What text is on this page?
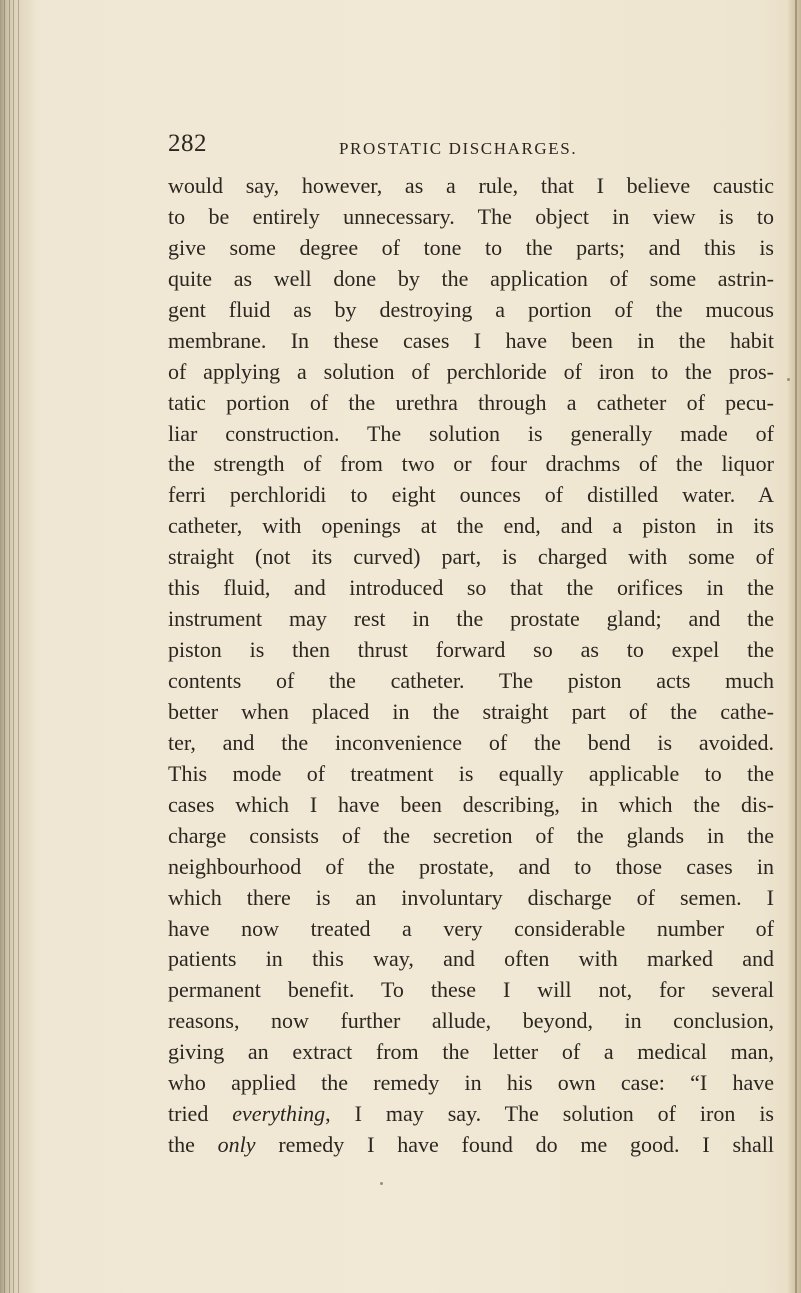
282	PROSTATIC DISCHARGES.
would say, however, as a rule, that I believe caustic
to be entirely unnecessary. The object in view is to
give some degree of tone to the parts; and this is
quite as well done by the application of some astrin-
gent fluid as by destroying a portion of the mucous
membrane. In these cases I have been in the habit
of applying a solution of perchloride of iron to the pros-
tatic portion of the urethra through a catheter of pecu-
liar construction. The solution is generally made of
the strength of from two or four drachms of the liquor
ferri perchloridi to eight ounces of distilled water. A
catheter, with openings at the end, and a piston in its
straight (not its curved) part, is charged with some of
this fluid, and introduced so that the orifices in the
instrument may rest in the prostate gland; and the
piston is then thrust forward so as to expel the
contents of the catheter. The piston acts much
better when placed in the straight part of the cathe-
ter, and the inconvenience of the bend is avoided.
This mode of treatment is equally applicable to the
cases which I have been describing, in which the dis-
charge consists of the secretion of the glands in the
neighbourhood of the prostate, and to those cases in
which there is an involuntary discharge of semen. I
have now treated a very considerable number of
patients in this way, and often with marked and
permanent benefit. To these I will not, for several
reasons, now further allude, beyond, in conclusion,
giving an extract from the letter of a medical man,
who applied the remedy in his own case: “I have
tried everything, I may say. The solution of iron is
the only remedy I have found do me good. I shall
